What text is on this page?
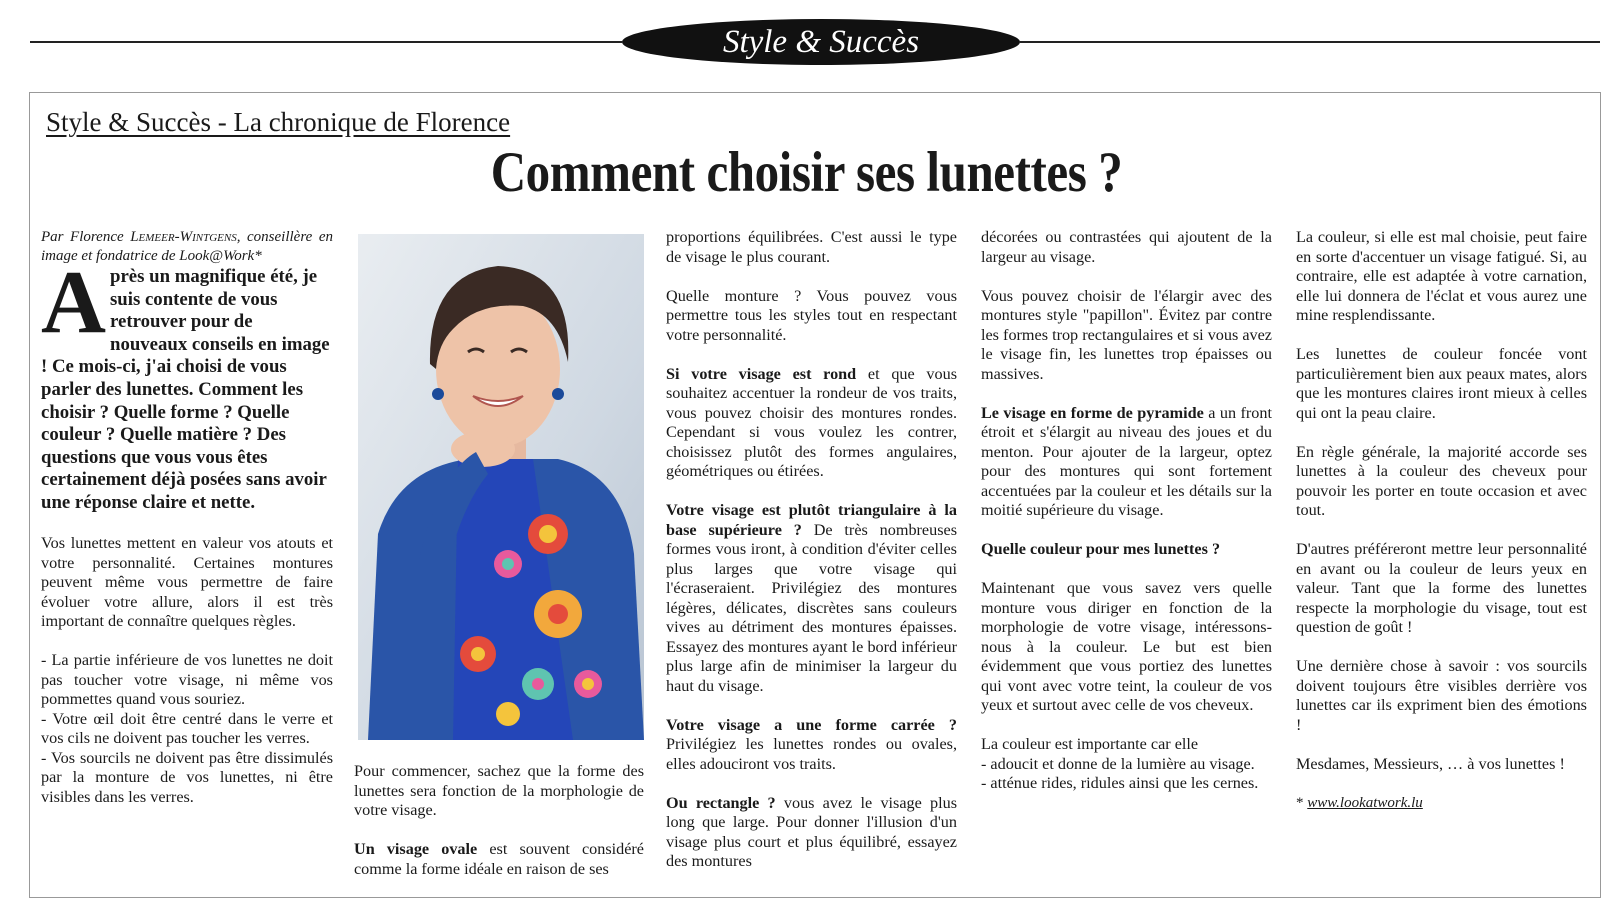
Style & Succès
Style & Succès - La chronique de Florence
Comment choisir ses lunettes ?
Par Florence Lemeer-Wintgens, conseillère en image et fondatrice de Look@Work*

Après un magnifique été, je suis contente de vous retrouver pour de nouveaux conseils en image ! Ce mois-ci, j'ai choisi de vous parler des lunettes. Comment les choisir ? Quelle forme ? Quelle couleur ? Quelle matière ? Des questions que vous vous êtes certainement déjà posées sans avoir une réponse claire et nette.

Vos lunettes mettent en valeur vos atouts et votre personnalité. Certaines montures peuvent même vous permettre de faire évoluer votre allure, alors il est très important de connaître quelques règles.

- La partie inférieure de vos lunettes ne doit pas toucher votre visage, ni même vos pommettes quand vous souriez.

- Votre œil doit être centré dans le verre et vos cils ne doivent pas toucher les verres.

- Vos sourcils ne doivent pas être dissimulés par la monture de vos lunettes, ni être visibles dans les verres.

Pour commencer, sachez que la forme des lunettes sera fonction de la morphologie de votre visage.

Un visage ovale est souvent considéré comme la forme idéale en raison de ses

proportions équilibrées. C'est aussi le type de visage le plus courant.

Quelle monture ? Vous pouvez vous permettre tous les styles tout en respectant votre personnalité.

Si votre visage est rond et que vous souhaitez accentuer la rondeur de vos traits, vous pouvez choisir des montures rondes. Cependant si vous voulez les contrer, choisissez plutôt des formes angulaires, géométriques ou étirées.

Votre visage est plutôt triangulaire à la base supérieure ? De très nombreuses formes vous iront, à condition d'éviter celles plus larges que votre visage qui l'écraseraient. Privilégiez des montures légères, délicates, discrètes sans couleurs vives au détriment des montures épaisses. Essayez des montures ayant le bord inférieur plus large afin de minimiser la largeur du haut du visage.

Votre visage a une forme carrée ? Privilégiez les lunettes rondes ou ovales, elles adouciront vos traits.

Ou rectangle ? vous avez le visage plus long que large. Pour donner l'illusion d'un visage plus court et plus équilibré, essayez des montures

décorées ou contrastées qui ajoutent de la largeur au visage.

Vous pouvez choisir de l'élargir avec des montures style "papillon". Évitez par contre les formes trop rectangulaires et si vous avez le visage fin, les lunettes trop épaisses ou massives.

Le visage en forme de pyramide a un front étroit et s'élargit au niveau des joues et du menton. Pour ajouter de la largeur, optez pour des montures qui sont fortement accentuées par la couleur et les détails sur la moitié supérieure du visage.

Quelle couleur pour mes lunettes ?

Maintenant que vous savez vers quelle monture vous diriger en fonction de la morphologie de votre visage, intéressons-nous à la couleur. Le but est bien évidemment que vous portiez des lunettes qui vont avec votre teint, la couleur de vos yeux et surtout avec celle de vos cheveux.

La couleur est importante car elle

- adoucit et donne de la lumière au visage.

- atténue rides, ridules ainsi que les cernes.

La couleur, si elle est mal choisie, peut faire en sorte d'accentuer un visage fatigué. Si, au contraire, elle est adaptée à votre carnation, elle lui donnera de l'éclat et vous aurez une mine resplendissante.

Les lunettes de couleur foncée vont particulièrement bien aux peaux mates, alors que les montures claires iront mieux à celles qui ont la peau claire.

En règle générale, la majorité accorde ses lunettes à la couleur des cheveux pour pouvoir les porter en toute occasion et avec tout.

D'autres préféreront mettre leur personnalité en avant ou la couleur de leurs yeux en valeur. Tant que la forme des lunettes respecte la morphologie du visage, tout est question de goût !

Une dernière chose à savoir : vos sourcils doivent toujours être visibles derrière vos lunettes car ils expriment bien des émotions !

Mesdames, Messieurs, … à vos lunettes !

* www.lookatwork.lu
